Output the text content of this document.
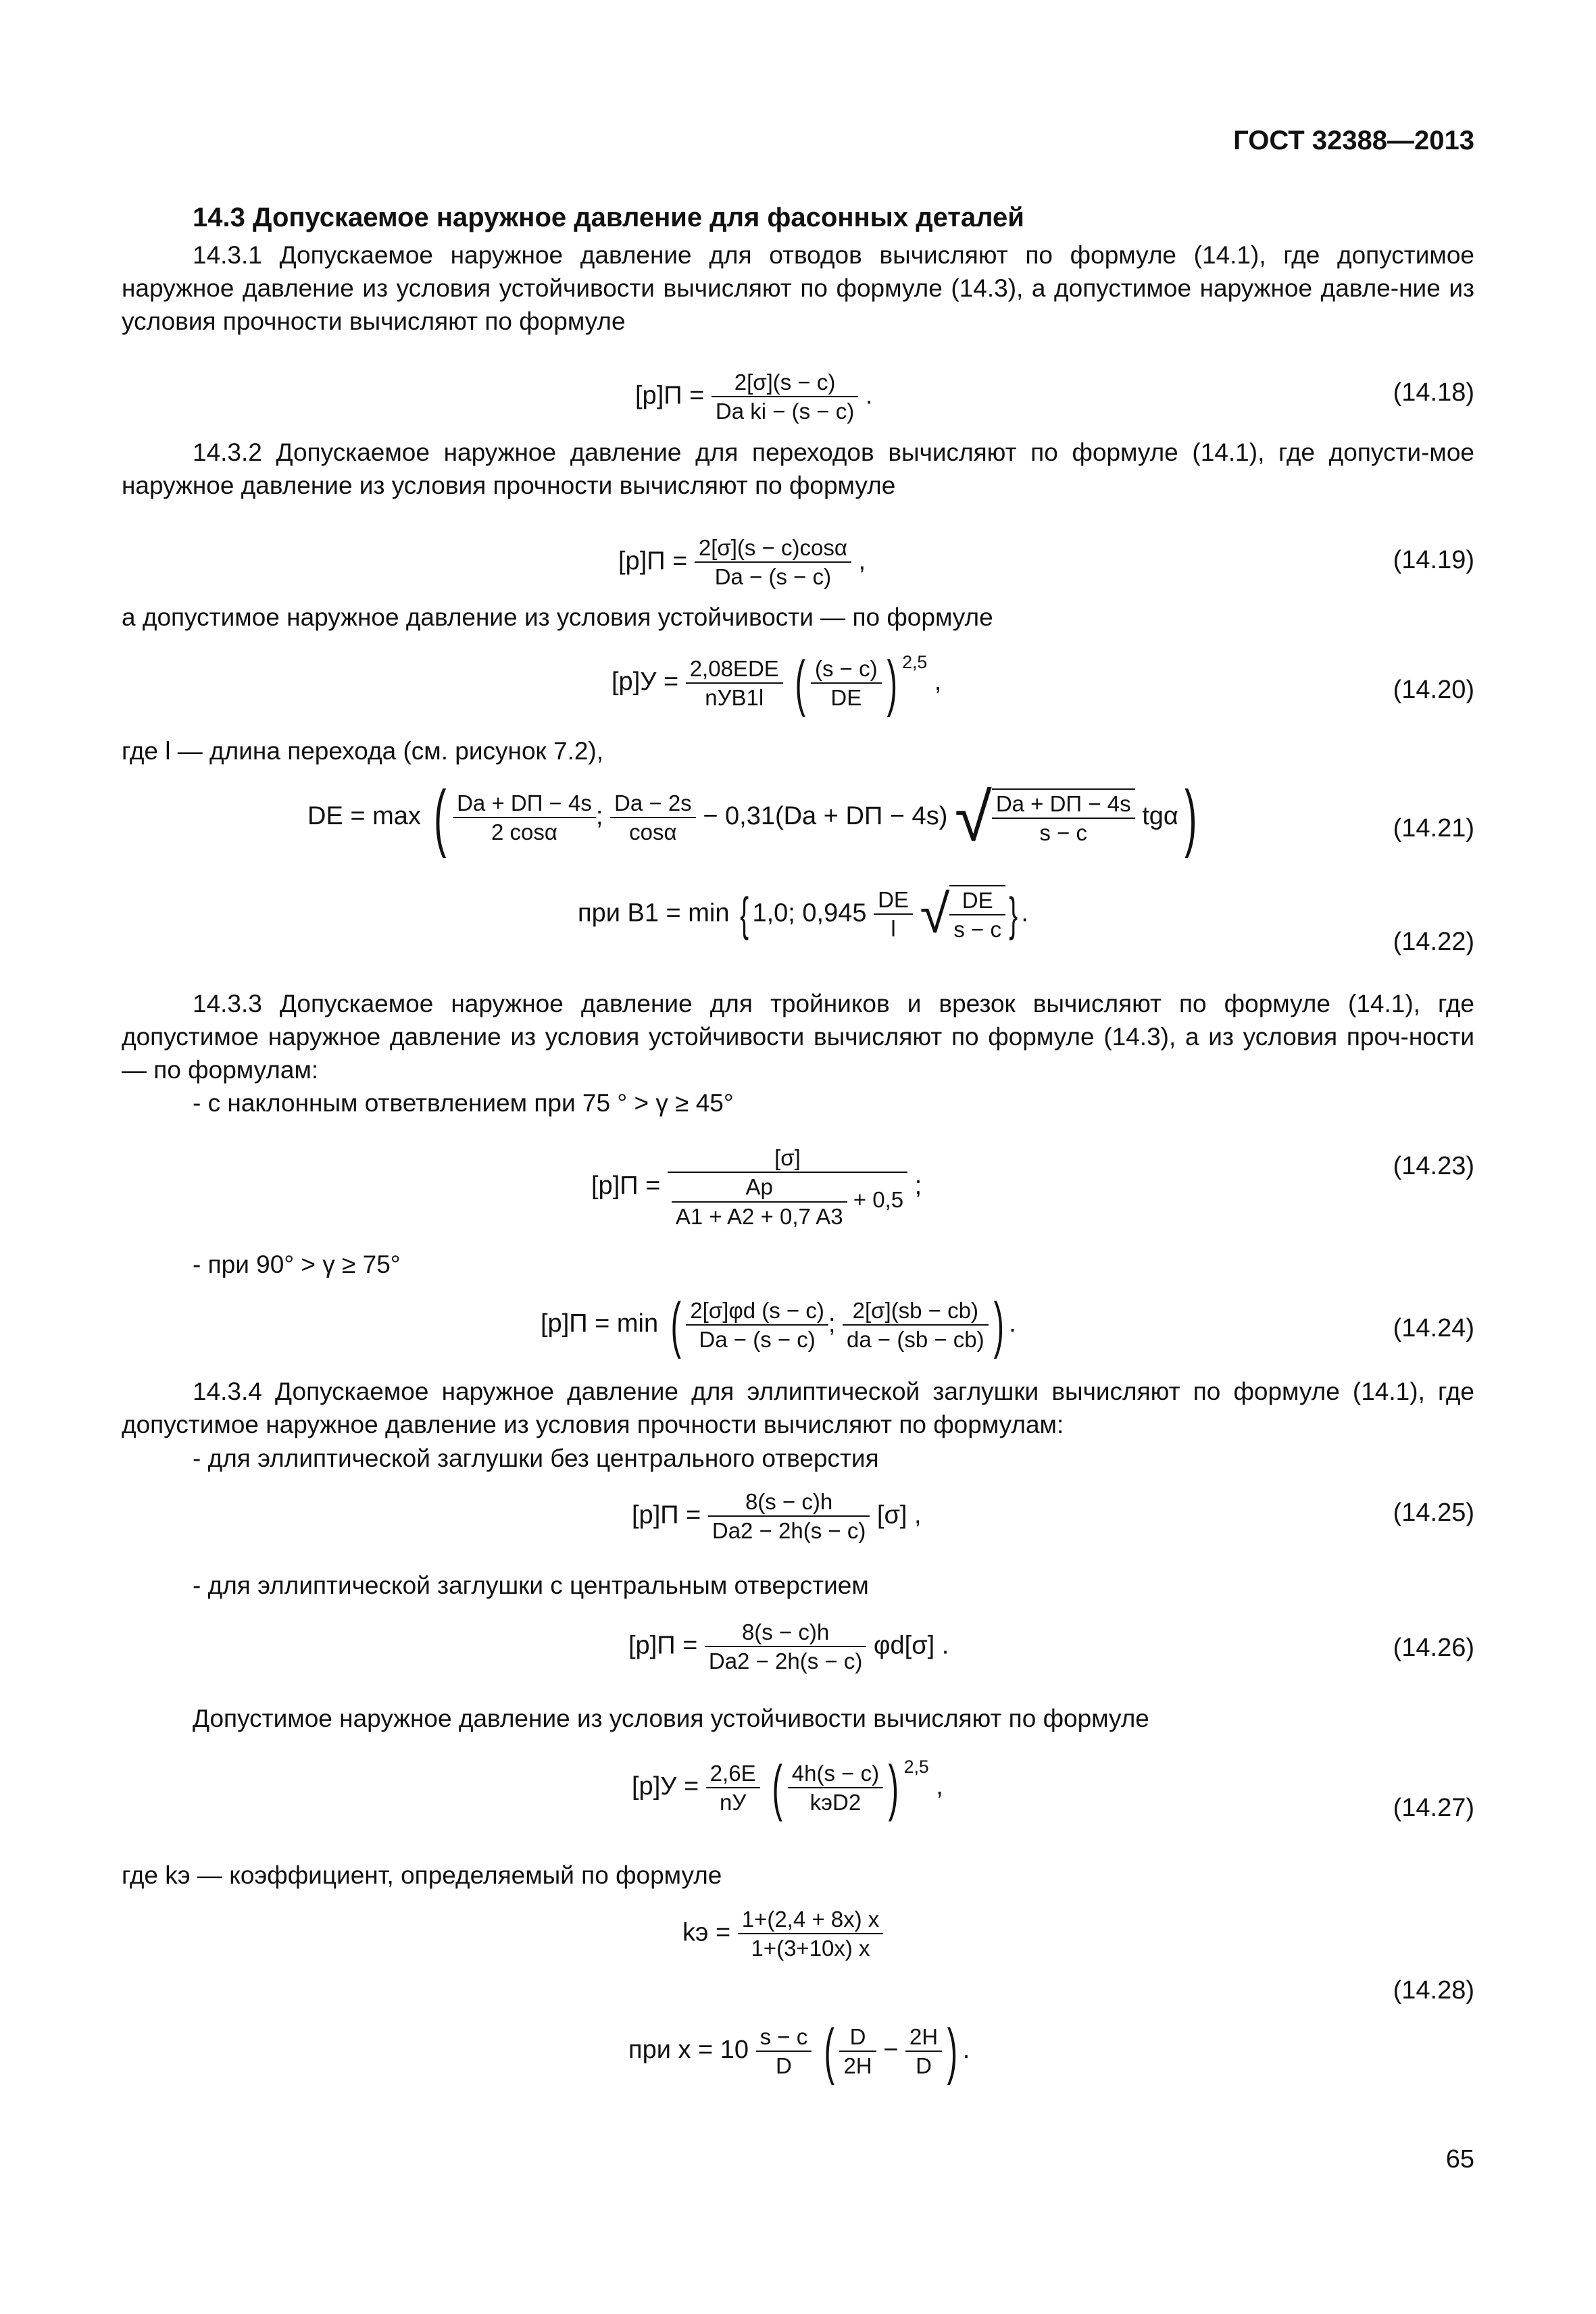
ГОСТ 32388—2013
14.3 Допускаемое наружное давление для фасонных деталей
14.3.1 Допускаемое наружное давление для отводов вычисляют по формуле (14.1), где допустимое наружное давление из условия устойчивости вычисляют по формуле (14.3), а допустимое наружное давле-ние из условия прочности вычисляют по формуле
$[p]П = \frac{2[\sigma](s - c)}{\text{Da ki − (s − c)}}$ .	(14.18)
14.3.2 Допускаемое наружное давление для переходов вычисляют по формуле (14.1), где допусти-мое наружное давление из условия прочности вычисляют по формуле
$[p]П = \frac{2[\sigma](s - c)\cos\alpha}{Da - (s - c)}$ ,	(14.19)
а допустимое наружное давление из условия устойчивости — по формуле
[p]У = 2,08EDE
nУB1l ( $\frac{(s - c)}{DE}$ ) $^{2,5}$ ,	(14.20)
где l — длина перехода (см. рисунок 7.2),
DE = max ( Da + DП − 4s
2 cosα
; $\frac{Da - 2s}{\cos\alpha} - 0,31(Da$ + DП − 4s) √ Da + DП − 4s
s − c
tgα)	(14.21)
при B1 = min { 1,0; $0,945 \frac{DE}{l}$ √ $\frac{DE}{s - c}$ } .
(14.22)
14.3.3 Допускаемое наружное давление для тройников и врезок вычисляют по формуле (14.1), где допустимое наружное давление из условия устойчивости вычисляют по формуле (14.3), а из условия проч-ности — по формулам:
- с наклонным ответвлением при 75 ° > γ ≥ 45°
[p]П =
[σ]
$\frac{Ap}{A1 + A2 + 0,7 A3} + 0,5$ ;
(14.23)
- при 90° > γ ≥ 75°
[p]П = min ( $\frac{2[\sigma]\varphi d (s - c)}{Da - (s - c)}$ ; $\frac{2[\sigma](sb - cb)}{da - (sb - cb)}$ ) .	(14.24)
14.3.4 Допускаемое наружное давление для эллиптической заглушки вычисляют по формуле (14.1), где допустимое наружное давление из условия прочности вычисляют по формулам:
- для эллиптической заглушки без центрального отверстия
$[p]П = \frac{8(s - c)h}{Da2 - 2h(s - c)} [\sigma]$ ,	(14.25)
- для эллиптической заглушки с центральным отверстием
$[p]П = \frac{8(s - c)h}{Da2 - 2h(s - c)} \varphi d[\sigma]$ .	(14.26)
Допустимое наружное давление из условия устойчивости вычисляют по формуле
[p]У = 2,6E
nУ ( 4h(s − c)
kэD2 ) $^{2,5}$ ,
(14.27)
где kэ — коэффициент, определяемый по формуле
kэ = $\frac{1+(2,4 + 8x) x}{1+(3+10x) x}$
(14.28)
при $x = 10 \frac{s - c}{D}$ ( $\frac{D}{2H} - \frac{2H}{D}$ ) .
65
